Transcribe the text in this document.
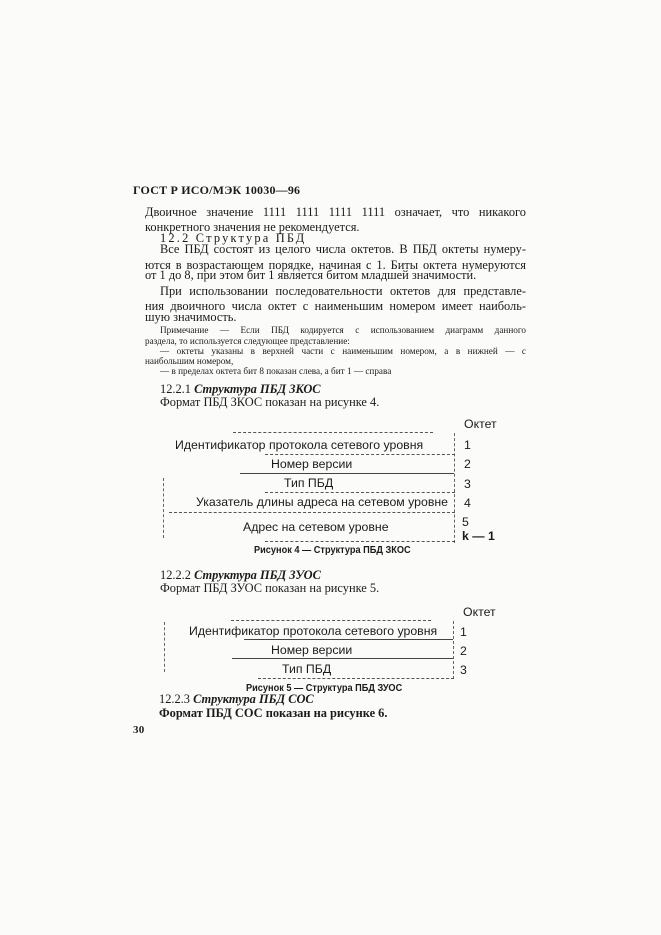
ГОСТ Р ИСО/МЭК 10030—96
Двоичное значение 1111 1111 1111 1111 означает, что никакого
конкретного значения не рекомендуется.
12.2 Структура ПБД
Все ПБД состоят из целого числа октетов. В ПБД октеты нумеру-
ются в возрастающем порядке, начиная с 1. Биты октета нумеруются
от 1 до 8, при этом бит 1 является битом младшей значимости.
При использовании последовательности октетов для представле-
ния двоичного числа октет с наименьшим номером имеет наиболь-
шую значимость.
Примечание — Если ПБД кодируется с использованием диаграмм данного
раздела, то используется следующее представление:
— октеты указаны в верхней части с наименьшим номером, а в нижней — с
наибольшим номером,
— в пределах октета бит 8 показан слева, а бит 1 — справа
12.2.1 Структура ПБД ЗКОС
Формат ПБД ЗКОС показан на рисунке 4.
Октет
Идентификатор протокола сетевого уровня	1
Номер версии	2
Тип ПБД	3
Указатель длины адреса на сетевом уровне 4
Адрес на сетевом уровне	5
k — 1
Рисунок 4 — Структура ПБД ЗКОС
12.2.2 Структура ПБД ЗУОС
Формат ПБД ЗУОС показан на рисунке 5.
Октет
Идентификатор протокола сетевого уровня 1
Номер версии	2
Тип ПБД	3
Рисунок 5 — Структура ПБД ЗУОС
12.2.3 Структура ПБД СОС
Формат ПБД СОС показан на рисунке 6.
30
